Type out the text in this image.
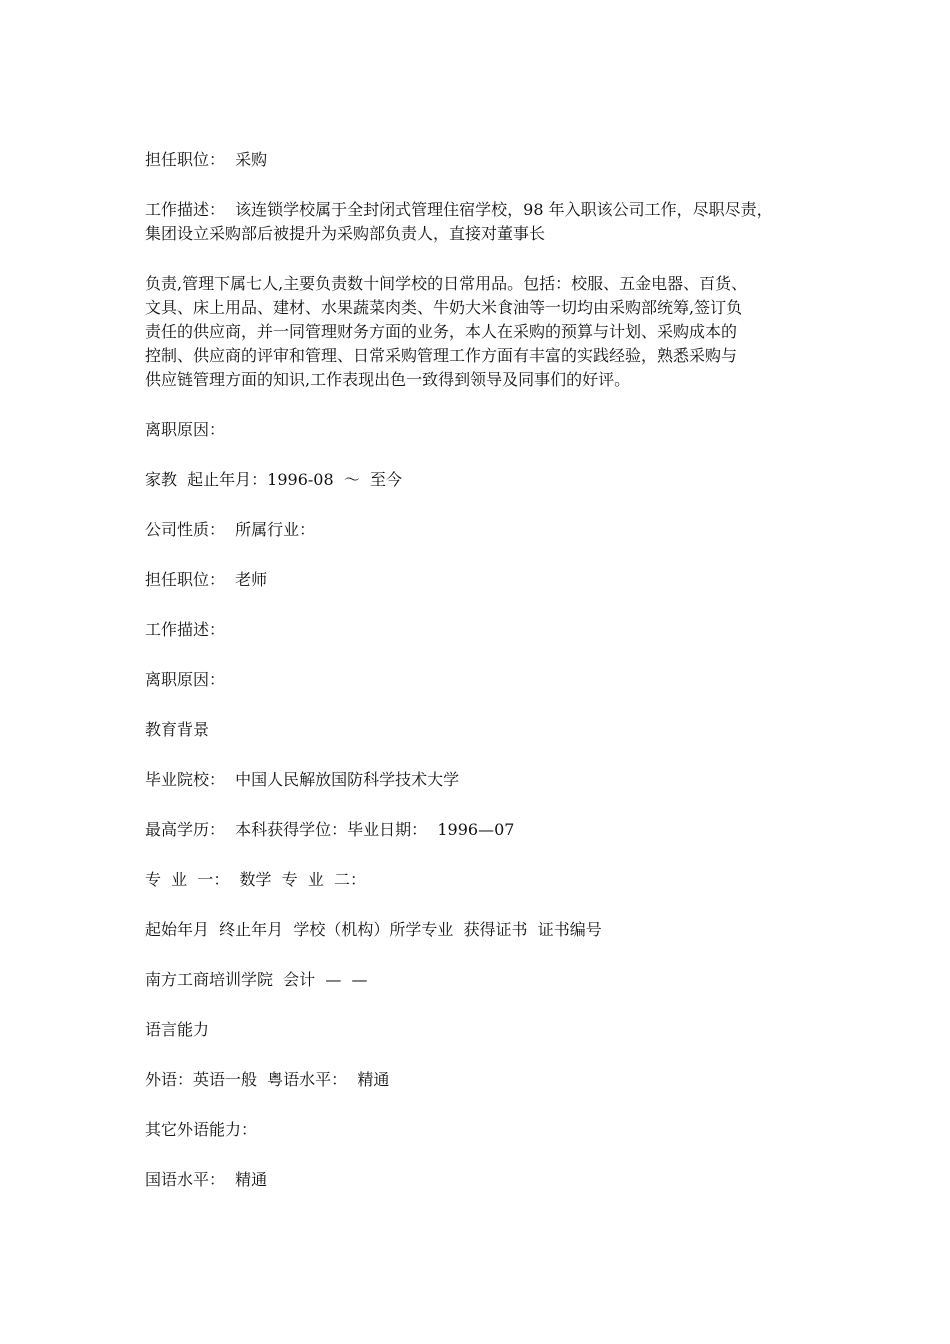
担任职位：  采购

工作描述：  该连锁学校属于全封闭式管理住宿学校，98 年入职该公司工作，尽职尽责，

集团设立采购部后被提升为采购部负责人，直接对董事长

负责,管理下属七人,主要负责数十间学校的日常用品。包括：校服、五金电器、百货、

文具、床上用品、建材、水果蔬菜肉类、牛奶大米食油等一切均由采购部统筹,签订负

责任的供应商，并一同管理财务方面的业务，本人在采购的预算与计划、采购成本的

控制、供应商的评审和管理、日常采购管理工作方面有丰富的实践经验，熟悉采购与

供应链管理方面的知识,工作表现出色一致得到领导及同事们的好评。

离职原因：

家教  起止年月：1996-08  ～  至今

公司性质：  所属行业：

担任职位：  老师

工作描述：

离职原因：

教育背景

毕业院校：  中国人民解放国防科学技术大学

最高学历：  本科获得学位：毕业日期：  1996—07

专  业  一：  数学  专  业  二：

起始年月  终止年月  学校（机构）所学专业  获得证书  证书编号

南方工商培训学院  会计  —  —

语言能力

外语：英语一般  粤语水平：  精通

其它外语能力：

国语水平：  精通
